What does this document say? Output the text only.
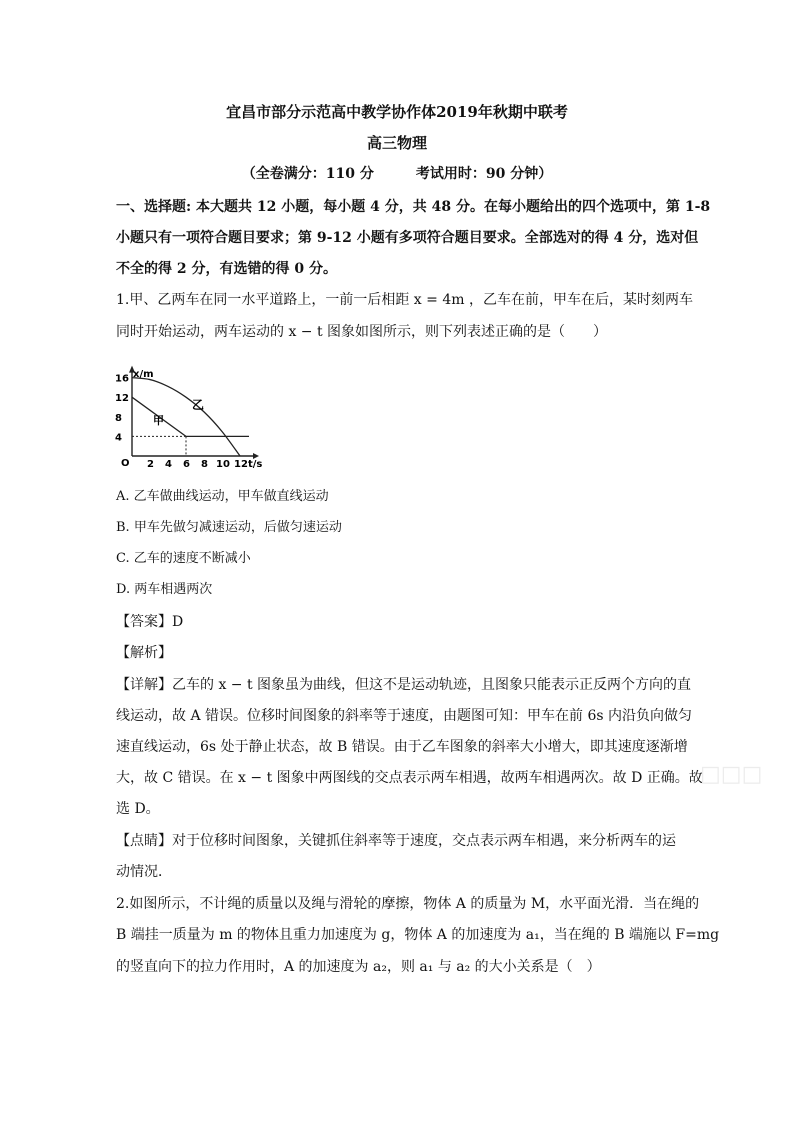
宜昌市部分示范高中教学协作体2019年秋期中联考
高三物理
（全卷满分：110 分　　　考试用时：90 分钟）
一、选择题: 本大题共 12 小题，每小题 4 分，共 48 分。在每小题给出的四个选项中，第 1-8
小题只有一项符合题目要求；第 9-12 小题有多项符合题目要求。全部选对的得 4 分，选对但
不全的得 2 分，有选错的得 0 分。
1.甲、乙两车在同一水平道路上，一前一后相距 x = 4m ，乙车在前，甲车在后，某时刻两车
同时开始运动，两车运动的 x − t 图象如图所示，则下列表述正确的是（　　）
16
12
8
4
2 4 6 8 10 12
x/m
t/s
O
甲
乙
A. 乙车做曲线运动，甲车做直线运动
B. 甲车先做匀减速运动，后做匀速运动
C. 乙车的速度不断减小
D. 两车相遇两次
【答案】D
【解析】
【详解】乙车的 x − t 图象虽为曲线，但这不是运动轨迹，且图象只能表示正反两个方向的直
线运动，故 A 错误。位移时间图象的斜率等于速度，由题图可知：甲车在前 6s 内沿负向做匀
速直线运动，6s 处于静止状态，故 B 错误。由于乙车图象的斜率大小增大，即其速度逐渐增
大，故 C 错误。在 x − t 图象中两图线的交点表示两车相遇，故两车相遇两次。故 D 正确。故
选 D。
【点睛】对于位移时间图象，关键抓住斜率等于速度，交点表示两车相遇，来分析两车的运
动情况．
2.如图所示，不计绳的质量以及绳与滑轮的摩擦，物体 A 的质量为 M，水平面光滑．当在绳的
B 端挂一质量为 m 的物体且重力加速度为 g，物体 A 的加速度为 a₁，当在绳的 B 端施以 F=mg
的竖直向下的拉力作用时，A 的加速度为 a₂，则 a₁ 与 a₂ 的大小关系是（　）
□□□
